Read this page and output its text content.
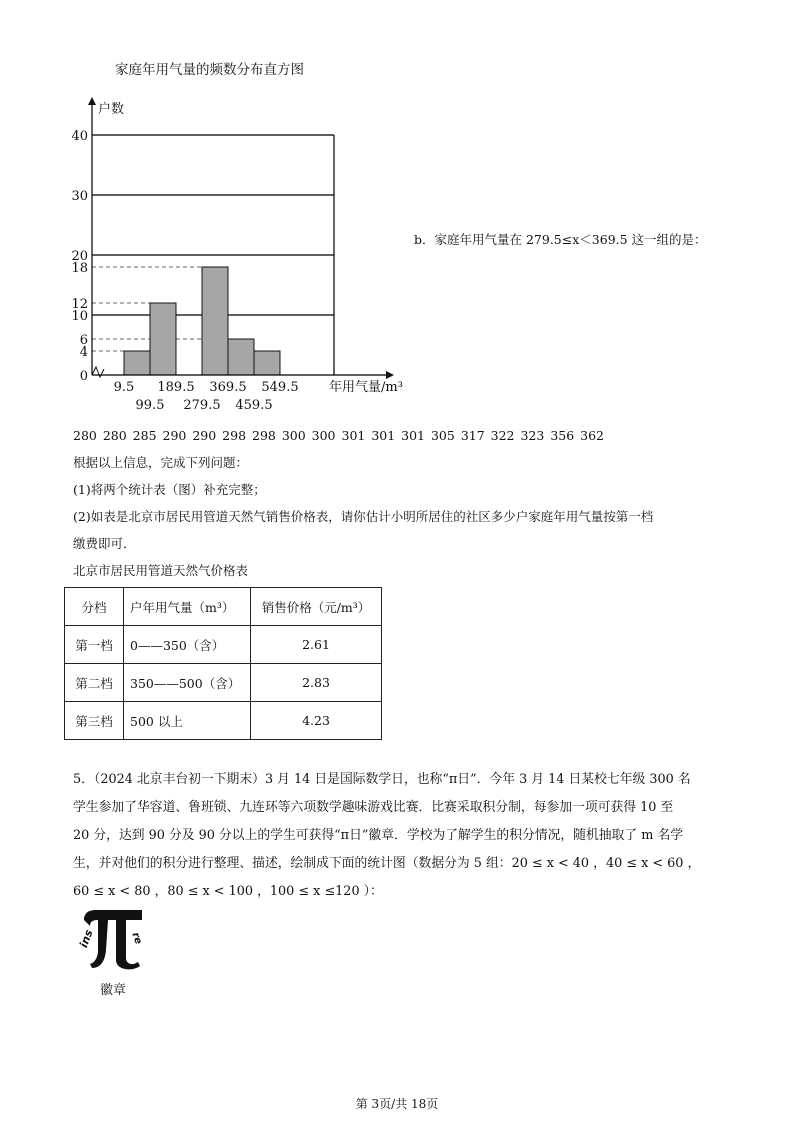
家庭年用气量的频数分布直方图
0
4
6
10
12
18
20
30
40
户数
9.5 189.5 369.5 549.5
99.5 279.5 459.5
年用气量/m³
b．家庭年用气量在 279.5≤x＜369.5 这一组的是：
280 280 285 290 290 298 298 300 300 301 301 301 305 317 322 323 356 362
根据以上信息，完成下列问题：
(1)将两个统计表（图）补充完整；
(2)如表是北京市居民用管道天然气销售价格表，请你估计小明所居住的社区多少户家庭年用气量按第一档
缴费即可．
北京市居民用管道天然气价格表
分档	户年用气量（m³）	销售价格（元/m³）
第一档	0——350（含）	2.61
第二档	350——500（含）	2.83
第三档	500 以上	4.23
5．（2024 北京丰台初一下期末）3 月 14 日是国际数学日，也称“π日”．今年 3 月 14 日某校七年级 300 名
学生参加了华容道、鲁班锁、九连环等六项数学趣味游戏比赛．比赛采取积分制，每参加一项可获得 10 至
20 分，达到 90 分及 90 分以上的学生可获得“π日”徽章．学校为了解学生的积分情况，随机抽取了 m 名学
生，并对他们的积分进行整理、描述，绘制成下面的统计图（数据分为 5 组：20 ≤ x < 40 ，40 ≤ x < 60 ，
60 ≤ x < 80 ，80 ≤ x < 100 ，100 ≤ x ≤120 ）：
ins	re
徽章
第 3页/共 18页
